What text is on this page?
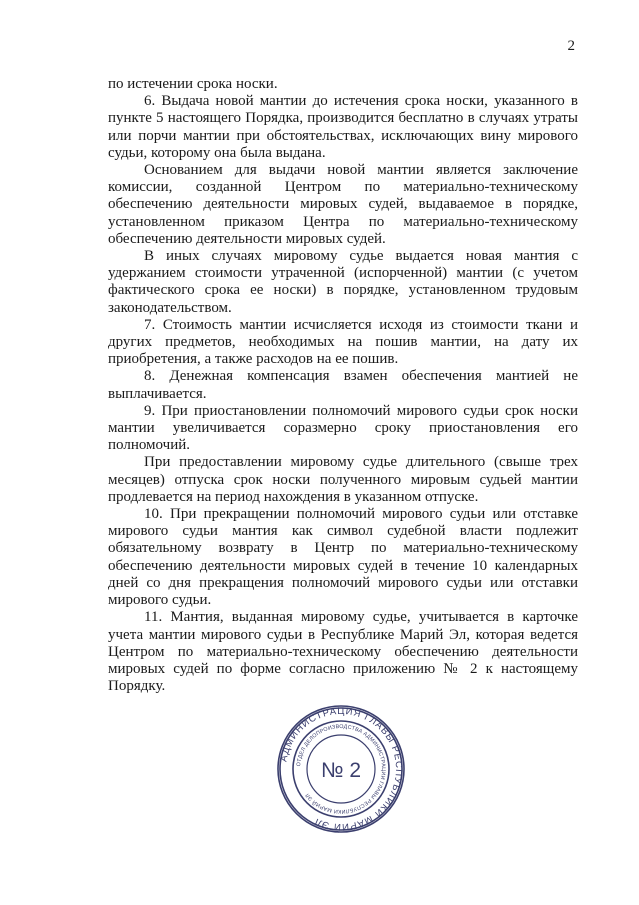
2

по истечении срока носки.

6. Выдача новой мантии до истечения срока носки, указанного в пункте 5 настоящего Порядка, производится бесплатно в случаях утраты или порчи мантии при обстоятельствах, исключающих вину мирового судьи, которому она была выдана.

Основанием для выдачи новой мантии является заключение комиссии, созданной Центром по материально-техническому обеспечению деятельности мировых судей, выдаваемое в порядке, установленном приказом Центра по материально-техническому обеспечению деятельности мировых судей.

В иных случаях мировому судье выдается новая мантия с удержанием стоимости утраченной (испорченной) мантии (с учетом фактического срока ее носки) в порядке, установленном трудовым законодательством.

7. Стоимость мантии исчисляется исходя из стоимости ткани и других предметов, необходимых на пошив мантии, на дату их приобретения, а также расходов на ее пошив.

8. Денежная компенсация взамен обеспечения мантией не выплачивается.

9. При приостановлении полномочий мирового судьи срок носки мантии увеличивается соразмерно сроку приостановления его полномочий.

При предоставлении мировому судье длительного (свыше трех месяцев) отпуска срок носки полученного мировым судьей мантии продлевается на период нахождения в указанном отпуске.

10. При прекращении полномочий мирового судьи или отставке мирового судьи мантия как символ судебной власти подлежит обязательному возврату в Центр по материально-техническому обеспечению деятельности мировых судей в течение 10 календарных дней со дня прекращения полномочий мирового судьи или отставки мирового судьи.

11. Мантия, выданная мировому судье, учитывается в карточке учета мантии мирового судьи в Республике Марий Эл, которая ведется Центром по материально-техническому обеспечению деятельности мировых судей по форме согласно приложению № 2 к настоящему Порядку.

АДМИНИСТРАЦИЯ ГЛАВЫ РЕСПУБЛИКИ МАРИЙ ЭЛ
ОТДЕЛ ДЕЛОПРОИЗВОДСТВА АДМИНИСТРАЦИИ ГЛАВЫ РЕСПУБЛИКИ МАРИЙ ЭЛ
№ 2
